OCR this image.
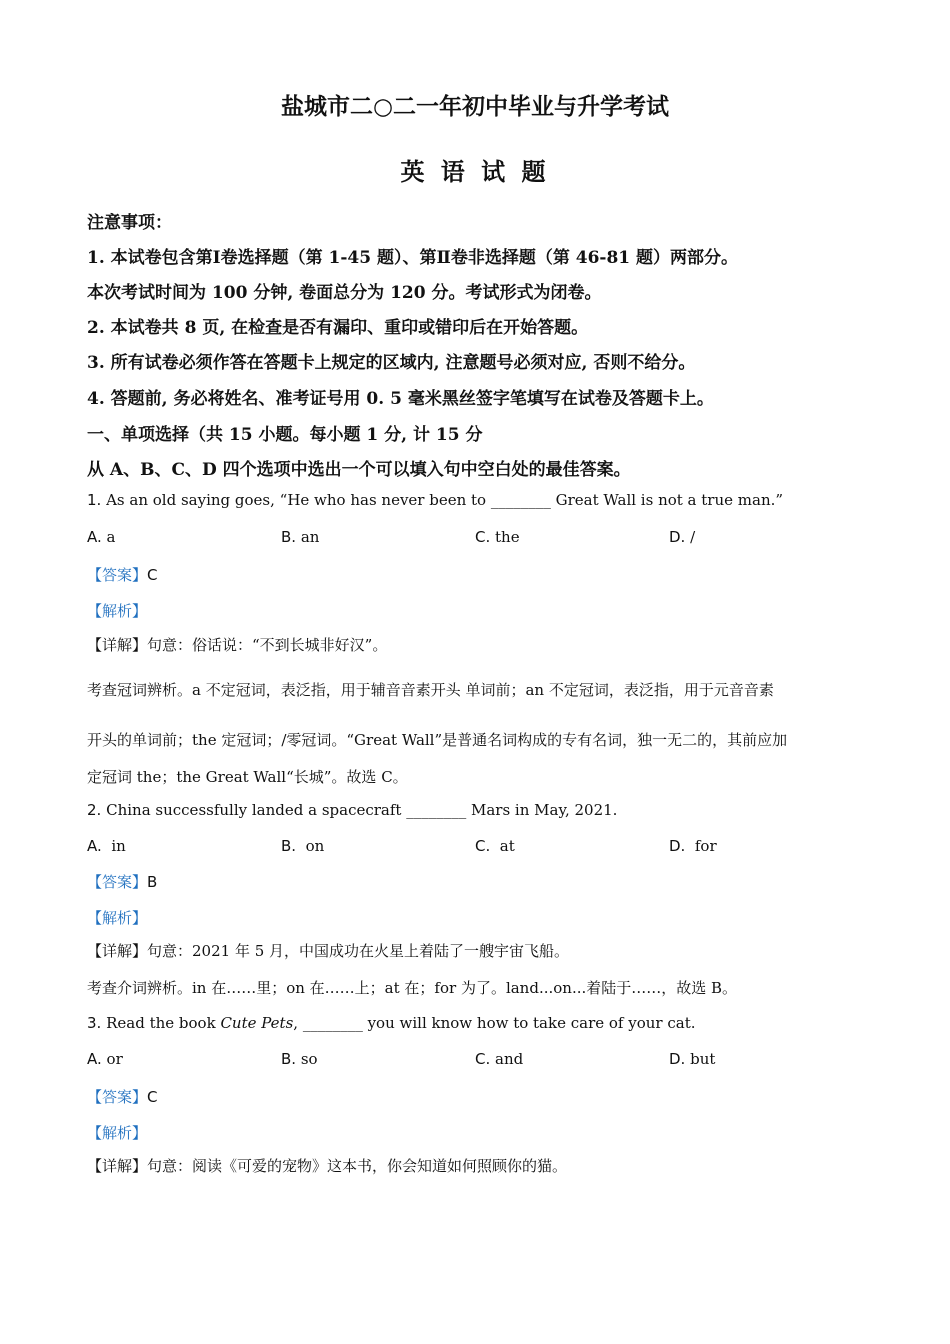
盐城市二○二一年初中毕业与升学考试
英 语 试 题
注意事项：
1. 本试卷包含第Ⅰ卷选择题（第 1-45 题）、第Ⅱ卷非选择题（第 46-81 题）两部分。
本次考试时间为 100 分钟, 卷面总分为 120 分。考试形式为闭卷。
2. 本试卷共 8 页, 在检查是否有漏印、重印或错印后在开始答题。
3. 所有试卷必须作答在答题卡上规定的区域内, 注意题号必须对应, 否则不给分。
4. 答题前, 务必将姓名、准考证号用 0. 5 毫米黑丝签字笔填写在试卷及答题卡上。
一、单项选择（共 15 小题。每小题 1 分, 计 15 分
从 A、B、C、D 四个选项中选出一个可以填入句中空白处的最佳答案。
1. As an old saying goes, “He who has never been to ________ Great Wall is not a true man.”
A. a	B. an	C. the	D. /
【答案】C
【解析】
【详解】句意：俗话说：“不到长城非好汉”。
考查冠词辨析。a 不定冠词，表泛指，用于辅音音素开头 单词前；an 不定冠词，表泛指，用于元音音素
开头的单词前；the 定冠词；/零冠词。“Great Wall”是普通名词构成的专有名词，独一无二的，其前应加
定冠词 the；the Great Wall“长城”。故选 C。
2. China successfully landed a spacecraft ________ Mars in May, 2021.
A. in	B. on	C. at	D. for
【答案】B
【解析】
【详解】句意：2021 年 5 月，中国成功在火星上着陆了一艘宇宙飞船。
考查介词辨析。in 在……里；on 在……上；at 在；for 为了。land...on...着陆于……，故选 B。
3. Read the book Cute Pets, ________ you will know how to take care of your cat.
A. or	B. so	C. and	D. but
【答案】C
【解析】
【详解】句意：阅读《可爱的宠物》这本书，你会知道如何照顾你的猫。
